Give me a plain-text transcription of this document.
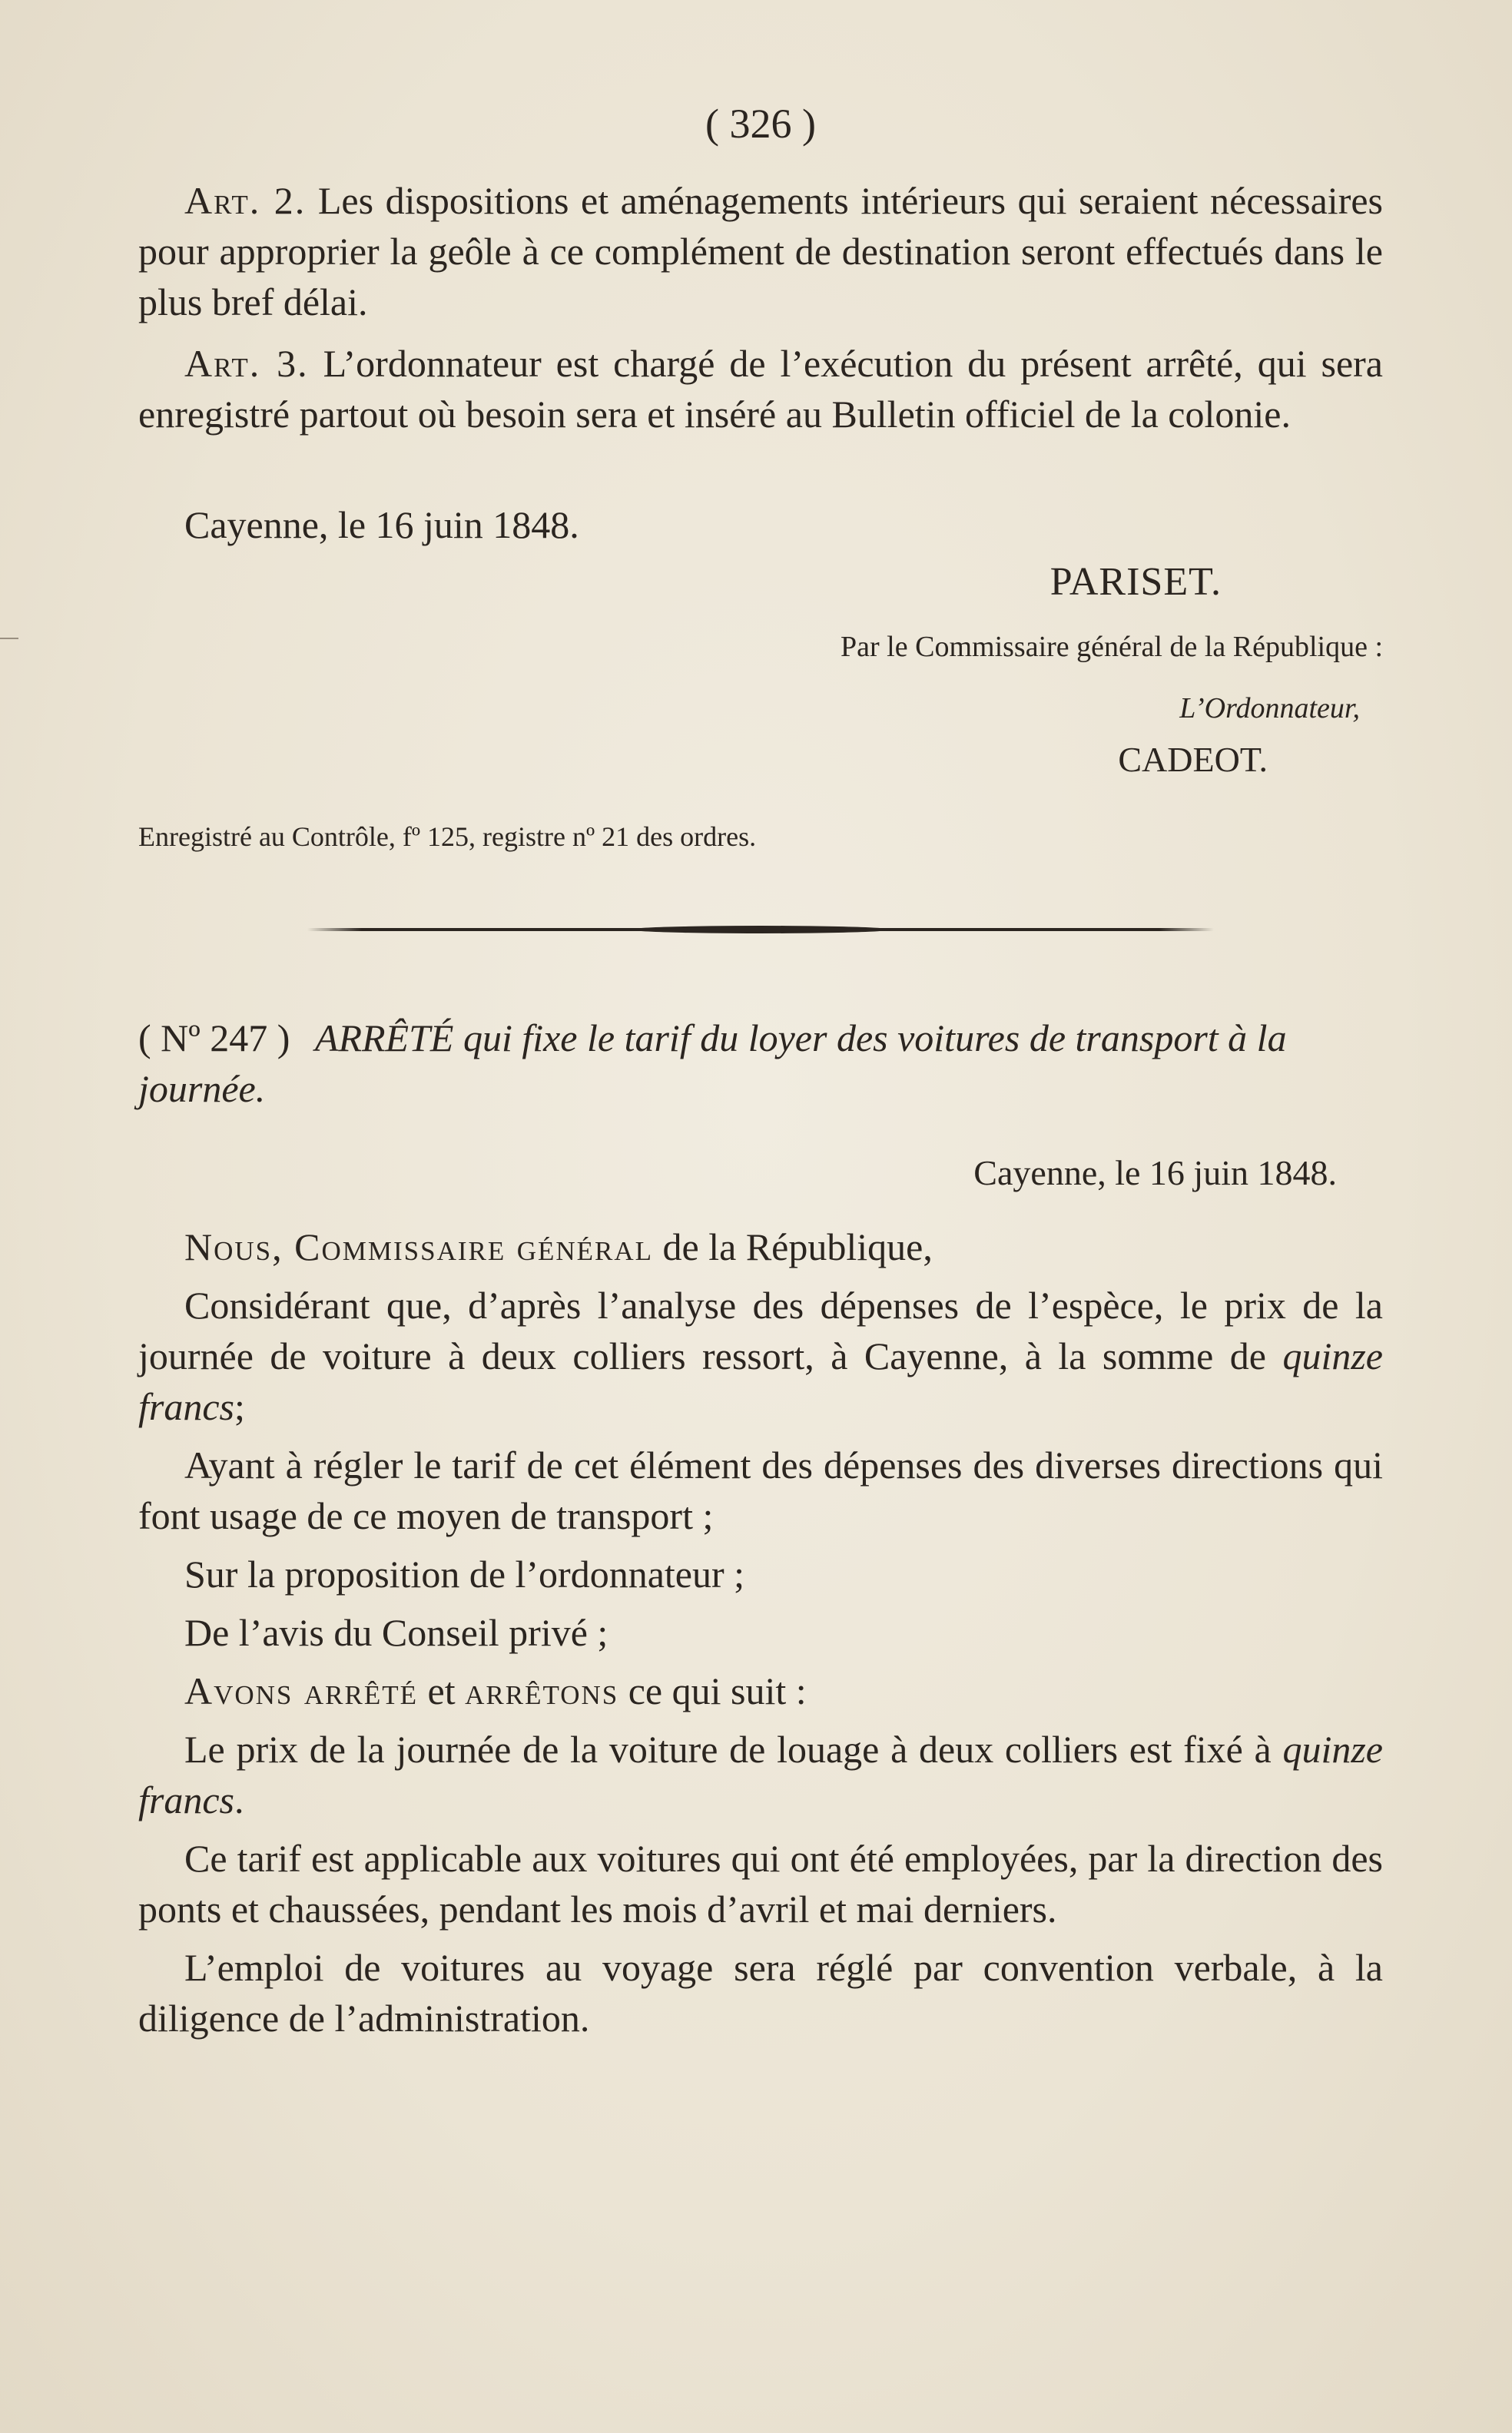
( 326 )

Art. 2. Les dispositions et aménagements intérieurs qui seraient nécessaires pour approprier la geôle à ce complément de destination seront effectués dans le plus bref délai.

Art. 3. L’ordonnateur est chargé de l’exécution du présent arrêté, qui sera enregistré partout où besoin sera et inséré au Bulletin officiel de la colonie.

Cayenne, le 16 juin 1848.

PARISET.
Par le Commissaire général de la République :
L’Ordonnateur,
CADEOT.
Enregistré au Contrôle, fº 125, registre nº 21 des ordres.

( Nº 247 ) ARRÊTÉ qui fixe le tarif du loyer des voitures de transport à la journée.

Cayenne, le 16 juin 1848.

Nous, Commissaire général de la République,

Considérant que, d’après l’analyse des dépenses de l’espèce, le prix de la journée de voiture à deux colliers ressort, à Cayenne, à la somme de quinze francs;

Ayant à régler le tarif de cet élément des dépenses des diverses directions qui font usage de ce moyen de transport ;

Sur la proposition de l’ordonnateur ;

De l’avis du Conseil privé ;

Avons arrêté et arrêtons ce qui suit :

Le prix de la journée de la voiture de louage à deux colliers est fixé à quinze francs.

Ce tarif est applicable aux voitures qui ont été employées, par la direction des ponts et chaussées, pendant les mois d’avril et mai derniers.

L’emploi de voitures au voyage sera réglé par convention verbale, à la diligence de l’administration.
